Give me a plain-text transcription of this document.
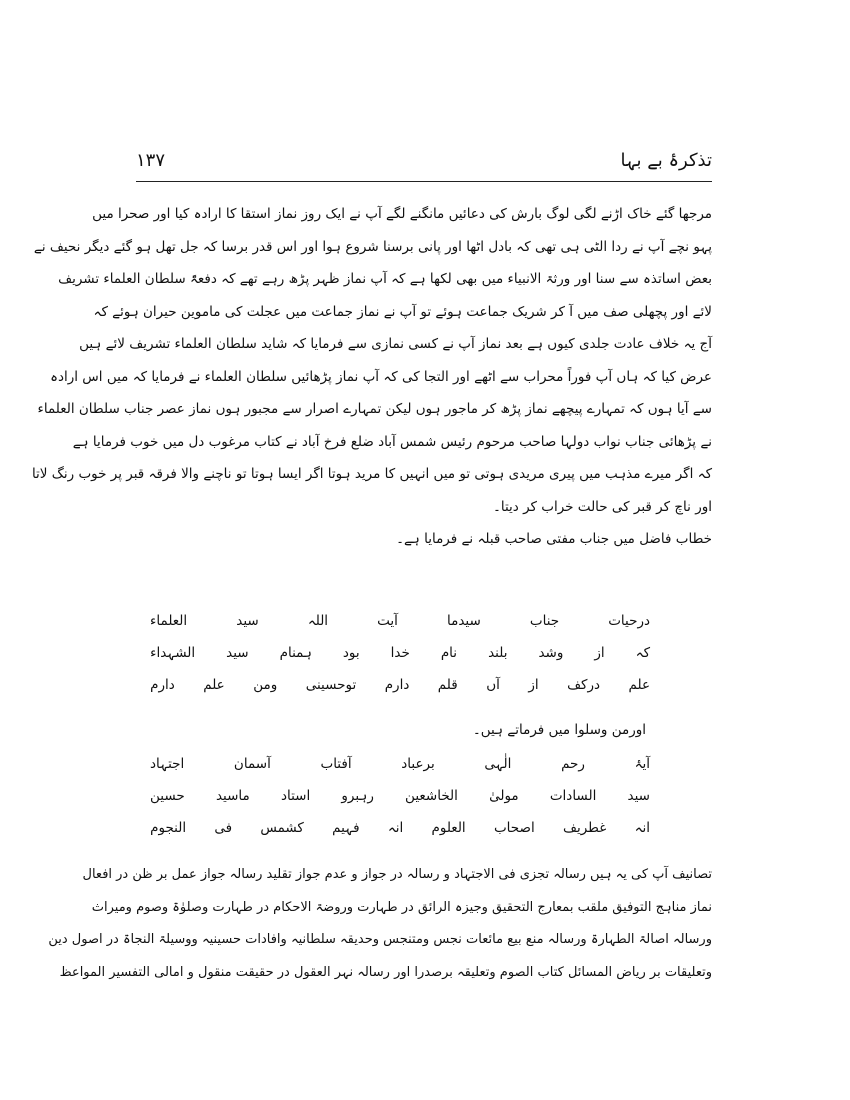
تذکرۂ بے بہا
۱۳۷
مرجھا گئے خاک اڑنے لگی لوگ بارش کی دعائیں مانگنے لگے آپ نے ایک روز نماز استقا کا ارادہ کیا اور صحرا میں
پہو نچے آپ نے ردا الٹی ہی تھی کہ بادل اٹھا اور پانی برسنا شروع ہوا اور اس قدر برسا کہ جل تھل ہو گئے دیگر نحیف نے
بعض اساتذہ سے سنا اور ورثۃ الانبیاء میں بھی لکھا ہے کہ آپ نماز ظہر پڑھ رہے تھے کہ دفعۃً سلطان العلماء تشریف
لائے اور پچھلی صف میں آ کر شریک جماعت ہوئے تو آپ نے نماز جماعت میں عجلت کی ماموین حیران ہوئے کہ
آج یہ خلاف عادت جلدی کیوں ہے بعد نماز آپ نے کسی نمازی سے فرمایا کہ شاید سلطان العلماء تشریف لائے ہیں
عرض کیا کہ ہاں آپ فوراً محراب سے اٹھے اور التجا کی کہ آپ نماز پڑھائیں سلطان العلماء نے فرمایا کہ میں اس ارادہ
سے آیا ہوں کہ تمہارے پیچھے نماز پڑھ کر ماجور ہوں لیکن تمہارے اصرار سے مجبور ہوں نماز عصر جناب سلطان العلماء
نے پڑھائی جناب نواب دولہا صاحب مرحوم رئیس شمس آباد ضلع فرخ آباد نے کتاب مرغوب دل میں خوب فرمایا ہے
کہ اگر میرے مذہب میں پیری مریدی ہوتی تو میں انہیں کا مرید ہوتا اگر ایسا ہوتا تو ناچنے والا فرقہ قبر پر خوب رنگ لاتا
اور ناچ کر قبر کی حالت خراب کر دیتا۔
خطاب فاضل میں جناب مفتی صاحب قبلہ نے فرمایا ہے۔
درحیات
جناب
سیدما
آیت
اللہ
سید
العلماء
کہ
از
وشد
بلند
نام
خدا
بود
ہمنام
سید
الشہداء
علم
درکف
از
آں
قلم
دارم
توحسینی
ومن
علم
دارم
اورمن وسلوا میں فرماتے ہیں۔
آیۂ
رحم
الٰہی
برعباد
آفتاب
آسمان
اجتہاد
سید
السادات
مولیٰ
الخاشعین
رہبرو
استاد
ماسید
حسین
انہ
غطریف
اصحاب
العلوم
انہ
فہیم
کشمس
فی
النجوم
تصانیف آپ کی یہ ہیں رسالہ تجزی فی الاجتہاد و رسالہ در جواز و عدم جواز تقلید رسالہ جواز عمل بر ظن در افعال
نماز مناہج التوفیق ملقب بمعارج التحقیق وجیزہ الرائق در طہارت وروضۃ الاحکام در طہارت وصلوٰۃ وصوم ومیراث
ورسالہ اصالۃ الطہارۃ ورسالہ منع بیع مائعات نجس ومتنجس وحدیقہ سلطانیہ وافادات حسینیہ ووسیلۃ النجاۃ در اصول دین
وتعلیقات بر ریاض المسائل کتاب الصوم وتعلیقہ برصدرا اور رسالہ نہر العقول در حقیقت منقول و امالی التفسیر المواعظ
